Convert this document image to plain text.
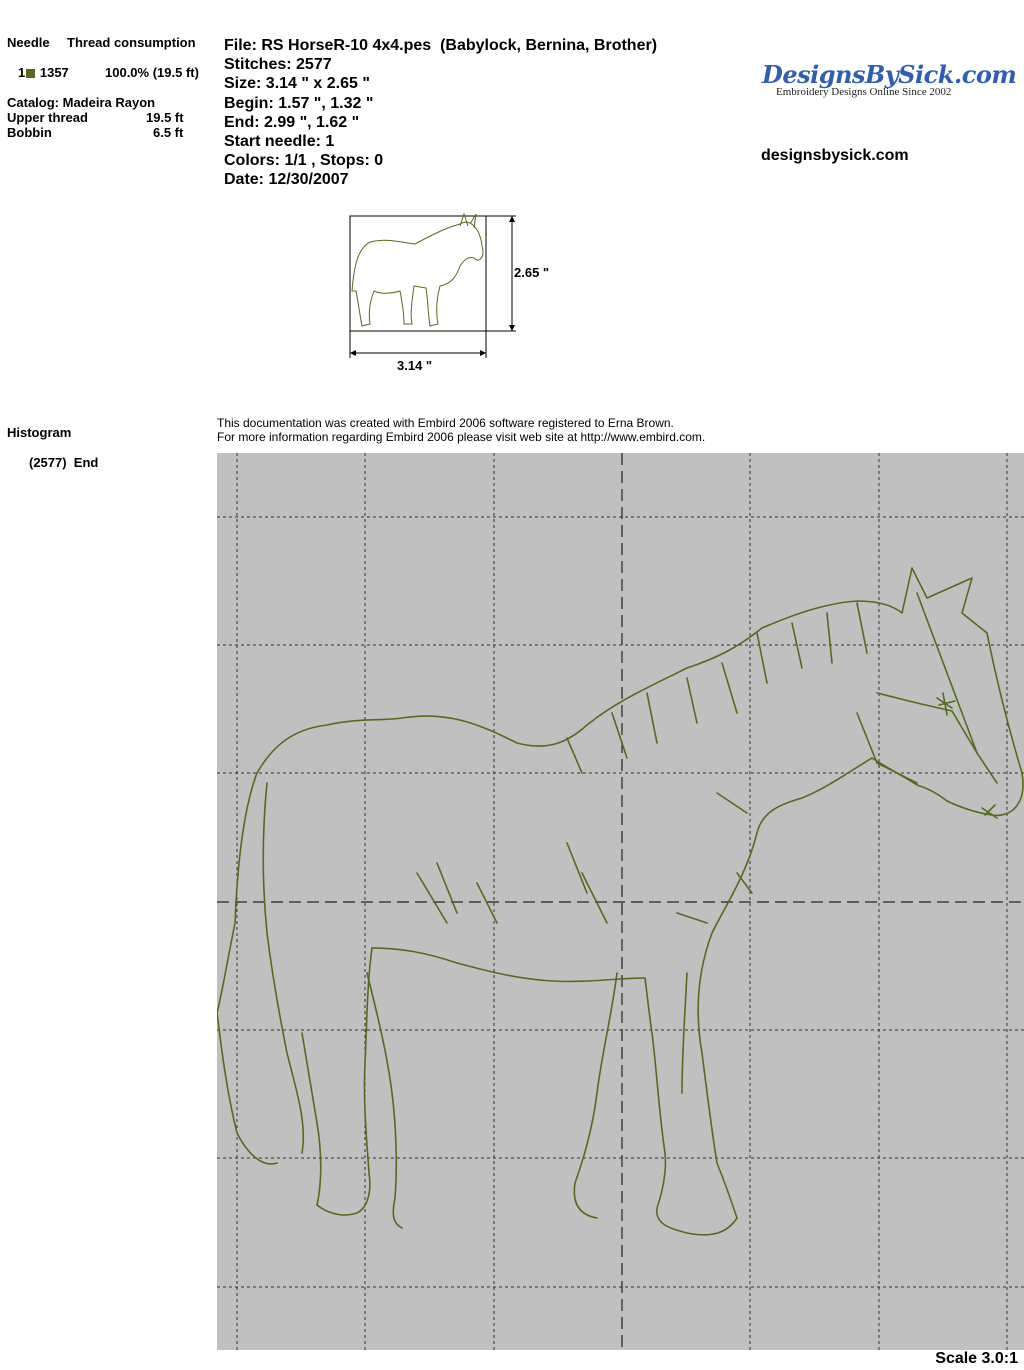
Needle Thread consumption
1 1357	100.0% (19.5 ft)
Catalog: Madeira Rayon
Upper thread	19.5 ft
Bobbin	6.5 ft
File: RS HorseR-10 4x4.pes  (Babylock, Bernina, Brother)
Stitches: 2577
Size: 3.14 " x 2.65 "
Begin: 1.57 ", 1.32 "
End: 2.99 ", 1.62 "
Start needle: 1
Colors: 1/1 , Stops: 0
Date: 12/30/2007
DesignsBySick.com
Embroidery Designs Online Since 2002
designsbysick.com
2.65 "
3.14 "
Histogram
(2577)  End
This documentation was created with Embird 2006 software registered to Erna Brown.
For more information regarding Embird 2006 please visit web site at http://www.embird.com.
Scale 3.0:1
